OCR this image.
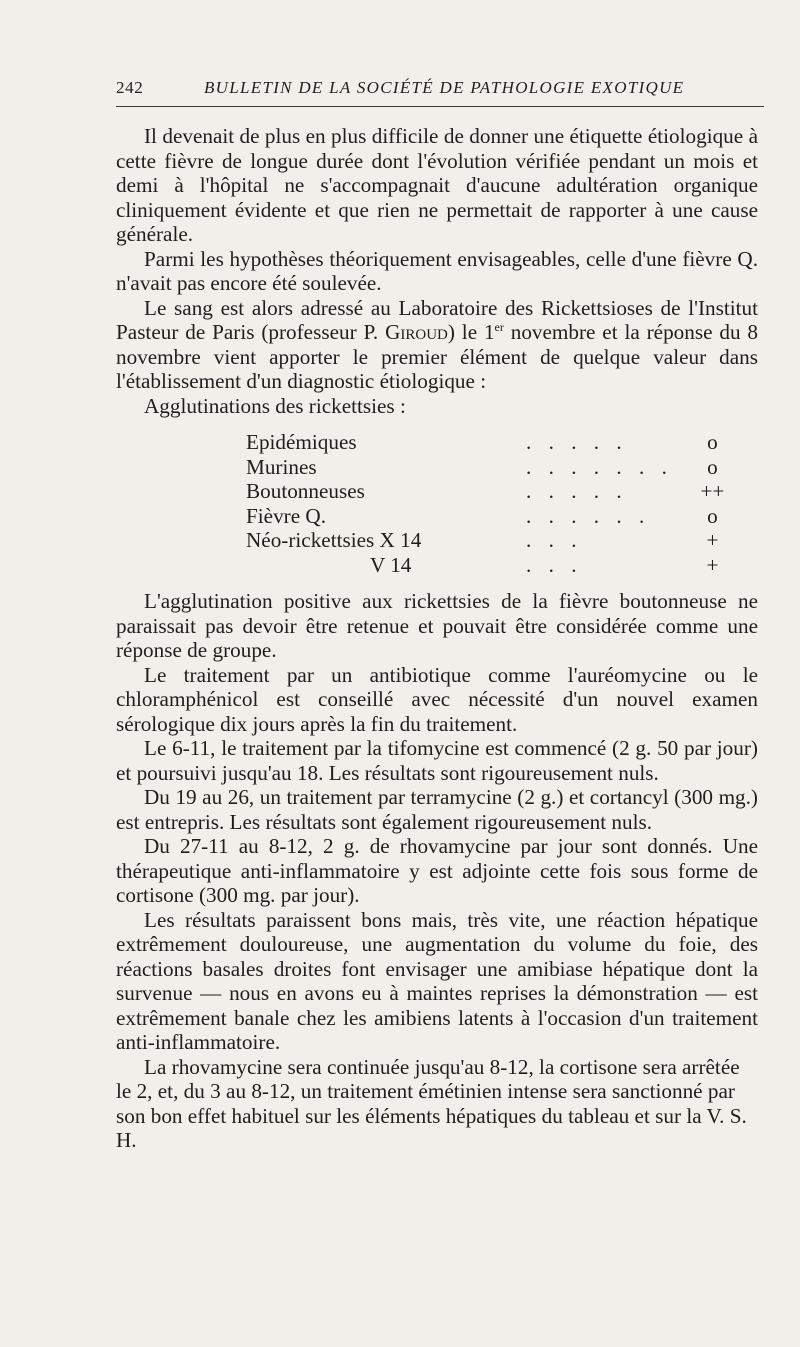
242	BULLETIN DE LA SOCIÉTÉ DE PATHOLOGIE EXOTIQUE

Il devenait de plus en plus difficile de donner une étiquette étiologique à cette fièvre de longue durée dont l'évolution vérifiée pendant un mois et demi à l'hôpital ne s'accompagnait d'aucune adultération organique cliniquement évidente et que rien ne permettait de rapporter à une cause générale.

Parmi les hypothèses théoriquement envisageables, celle d'une fièvre Q. n'avait pas encore été soulevée.

Le sang est alors adressé au Laboratoire des Rickettsioses de l'Institut Pasteur de Paris (professeur P. Giroud) le 1er novembre et la réponse du 8 novembre vient apporter le premier élément de quelque valeur dans l'établissement d'un diagnostic étiologique :

Agglutinations des rickettsies :

Epidémiques	. . . . .	o
Murines	. . . . . . .	o
Boutonneuses	. . . . .	++
Fièvre Q.	. . . . . .	o
Néo-rickettsies X 14	. . .	+
V 14	. . .	+

L'agglutination positive aux rickettsies de la fièvre boutonneuse ne paraissait pas devoir être retenue et pouvait être considérée comme une réponse de groupe.

Le traitement par un antibiotique comme l'auréomycine ou le chloramphénicol est conseillé avec nécessité d'un nouvel examen sérologique dix jours après la fin du traitement.

Le 6-11, le traitement par la tifomycine est commencé (2 g. 50 par jour) et poursuivi jusqu'au 18. Les résultats sont rigoureusement nuls.

Du 19 au 26, un traitement par terramycine (2 g.) et cortancyl (300 mg.) est entrepris. Les résultats sont également rigoureusement nuls.

Du 27-11 au 8-12, 2 g. de rhovamycine par jour sont donnés. Une thérapeutique anti-inflammatoire y est adjointe cette fois sous forme de cortisone (300 mg. par jour).

Les résultats paraissent bons mais, très vite, une réaction hépatique extrêmement douloureuse, une augmentation du volume du foie, des réactions basales droites font envisager une amibiase hépatique dont la survenue — nous en avons eu à maintes reprises la démonstration — est extrêmement banale chez les amibiens latents à l'occasion d'un traitement anti-inflammatoire.

La rhovamycine sera continuée jusqu'au 8-12, la cortisone sera arrêtée le 2, et, du 3 au 8-12, un traitement émétinien intense sera sanctionné par son bon effet habituel sur les éléments hépatiques du tableau et sur la V. S. H.
